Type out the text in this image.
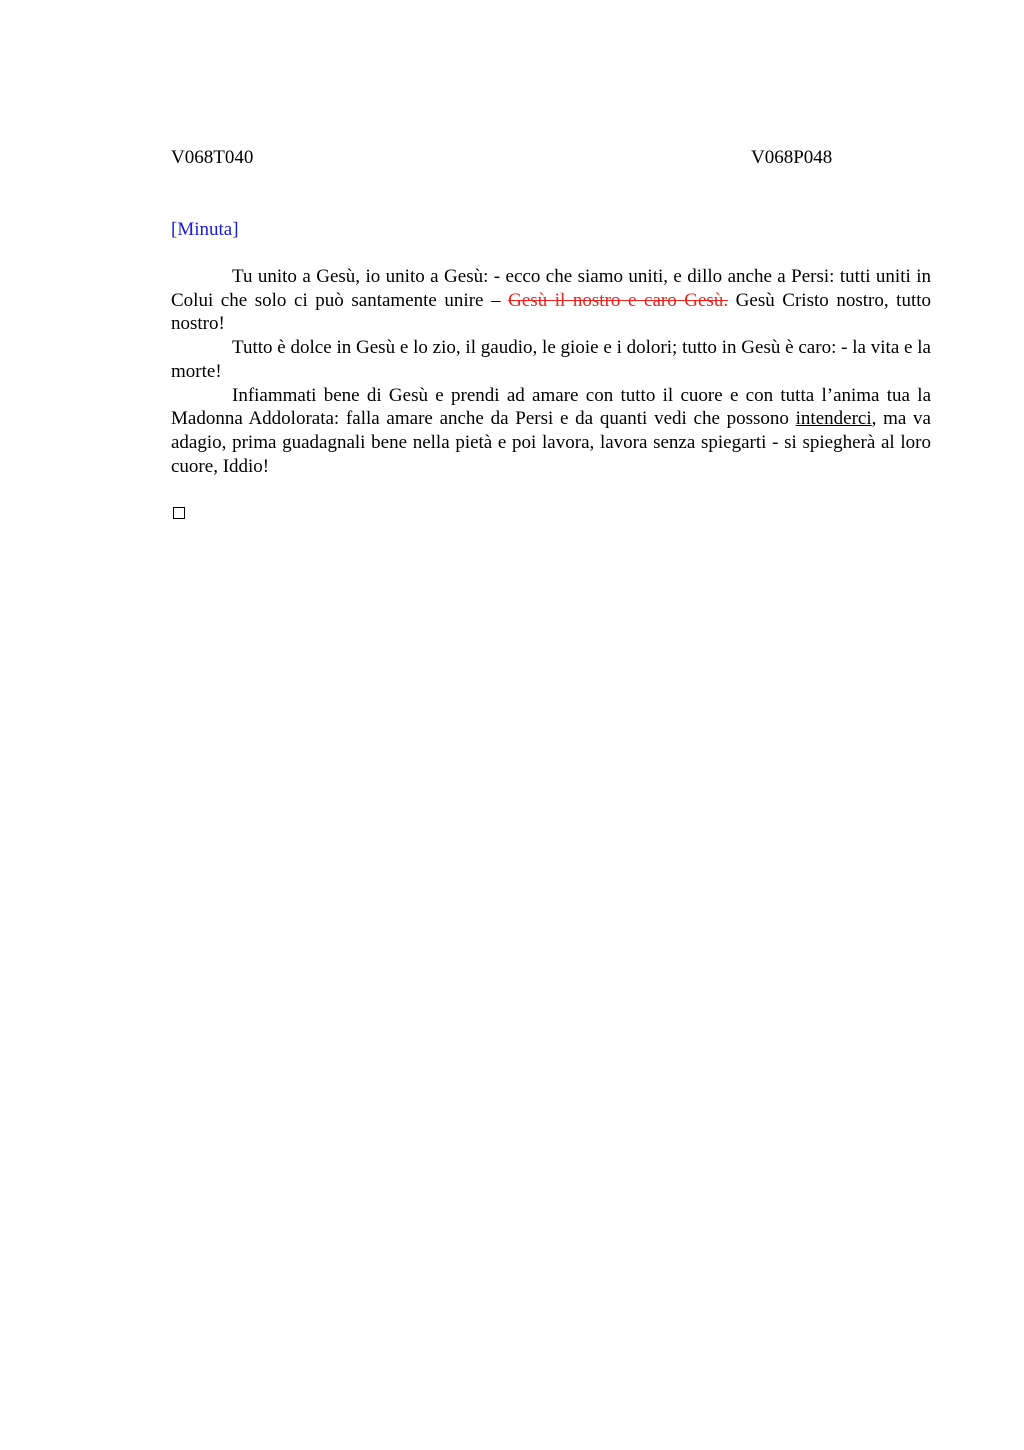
V068T040	V068P048
[Minuta]

Tu unito a Gesù, io unito a Gesù: - ecco che siamo uniti, e dillo anche a Persi: tutti uniti in Colui che solo ci può santamente unire – Gesù il nostro e caro Gesù. Gesù Cristo nostro, tutto nostro!

Tutto è dolce in Gesù e lo zio, il gaudio, le gioie e i dolori; tutto in Gesù è caro: - la vita e la morte!

Infiammati bene di Gesù e prendi ad amare con tutto il cuore e con tutta l’anima tua la Madonna Addolorata: falla amare anche da Persi e da quanti vedi che possono intenderci, ma va adagio, prima guadagnali bene nella pietà e poi lavora, lavora senza spiegarti - si spiegherà al loro cuore, Iddio!
